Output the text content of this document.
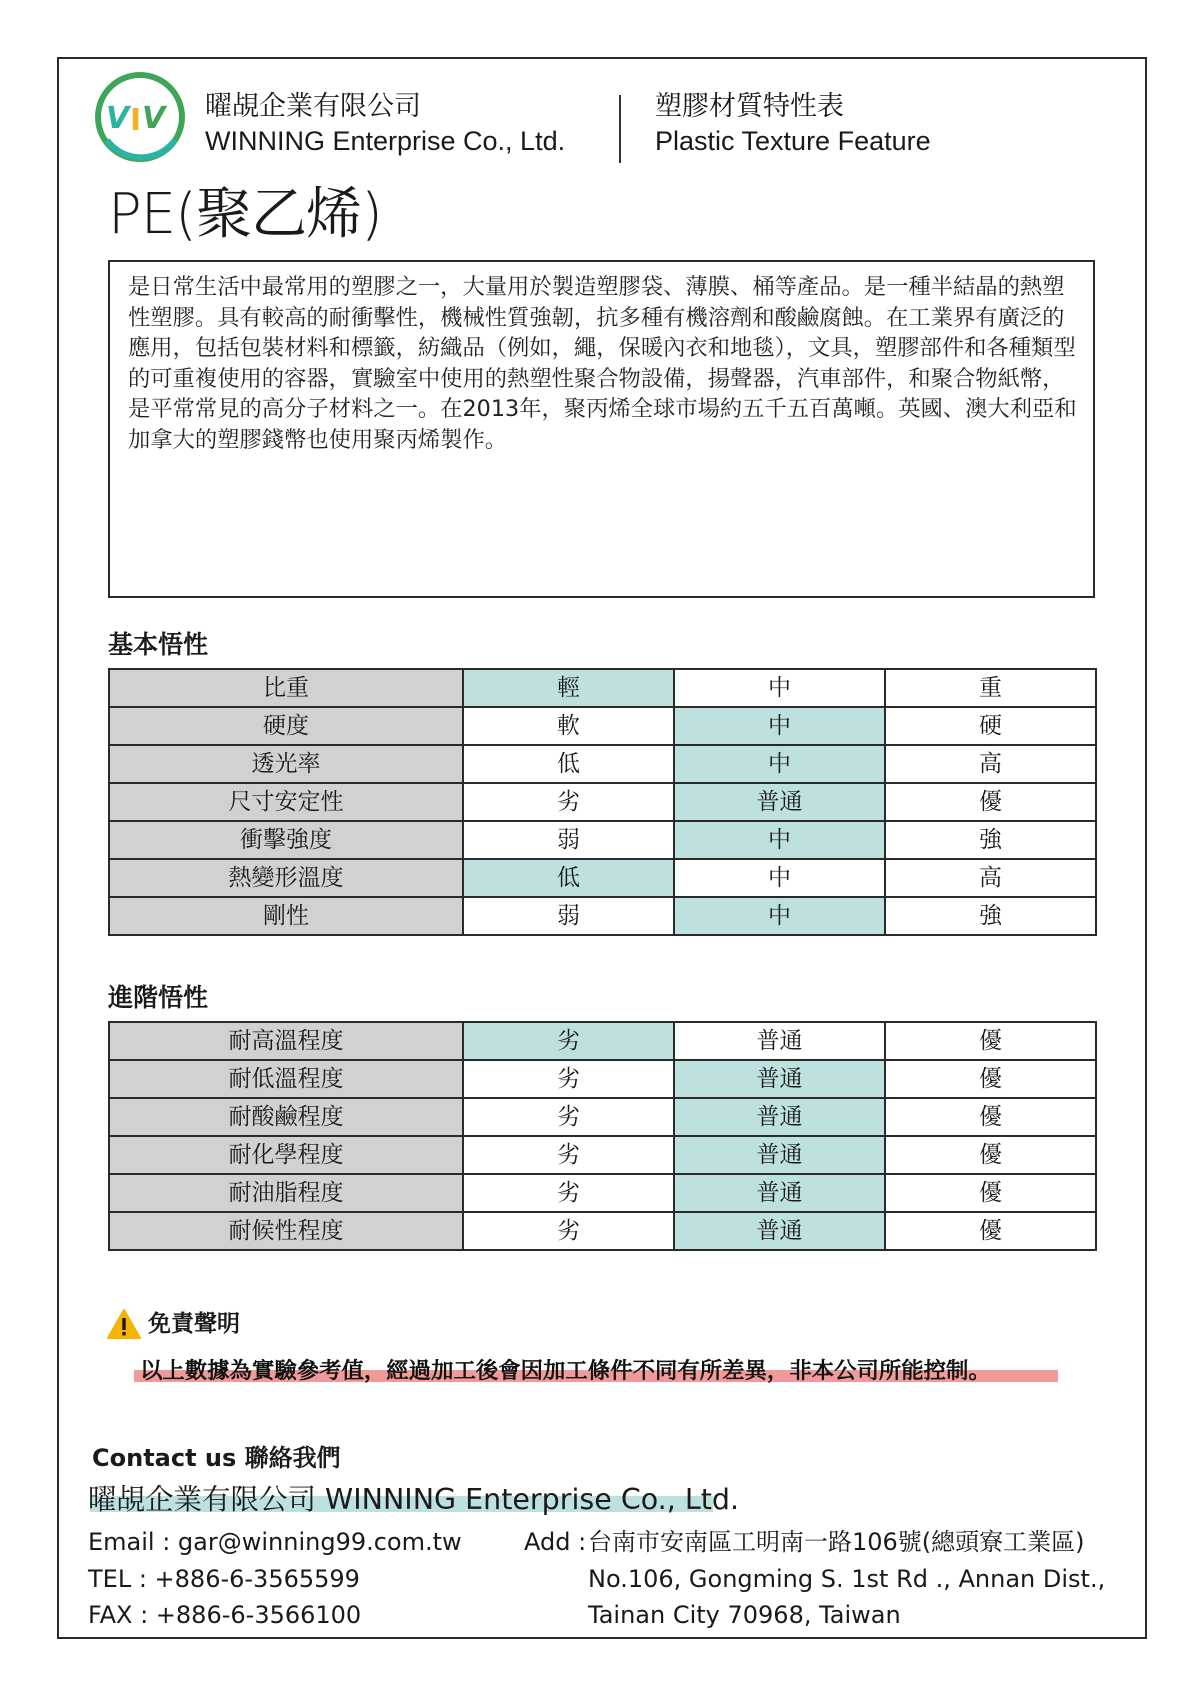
V I V 曜覘企業有限公司
WINNING Enterprise Co., Ltd.
塑膠材質特性表
Plastic Texture Feature
PE(聚乙烯)

是日常生活中最常用的塑膠之一，大量用於製造塑膠袋、薄膜、桶等產品。是一種半結晶的熱塑性塑膠。具有較高的耐衝擊性，機械性質強韌，抗多種有機溶劑和酸鹼腐蝕。在工業界有廣泛的應用，包括包裝材料和標籤，紡織品（例如，繩，保暖內衣和地毯），文具，塑膠部件和各種類型的可重複使用的容器，實驗室中使用的熱塑性聚合物設備，揚聲器，汽車部件，和聚合物紙幣，是平常常見的高分子材料之一。在2013年，聚丙烯全球市場約五千五百萬噸。英國、澳大利亞和加拿大的塑膠錢幣也使用聚丙烯製作。

基本悟性
比重	輕	中	重
硬度	軟	中	硬
透光率	低	中	高
尺寸安定性	劣	普通	優
衝擊強度	弱	中	強
熱變形溫度	低	中	高
剛性	弱	中	強
進階悟性
耐高溫程度	劣	普通	優
耐低溫程度	劣	普通	優
耐酸鹼程度	劣	普通	優
耐化學程度	劣	普通	優
耐油脂程度	劣	普通	優
耐候性程度	劣	普通	優
免責聲明
以上數據為實驗參考值，經過加工後會因加工條件不同有所差異，非本公司所能控制。
Contact us 聯絡我們
曜覘企業有限公司 WINNING Enterprise Co., Ltd.
Email : gar@winning99.com.tw
TEL : +886-6-3565599
FAX : +886-6-3566100
Add : 台南市安南區工明南一路106號(總頭寮工業區)
No.106, Gongming S. 1st Rd ., Annan Dist.,
Tainan City 70968, Taiwan
